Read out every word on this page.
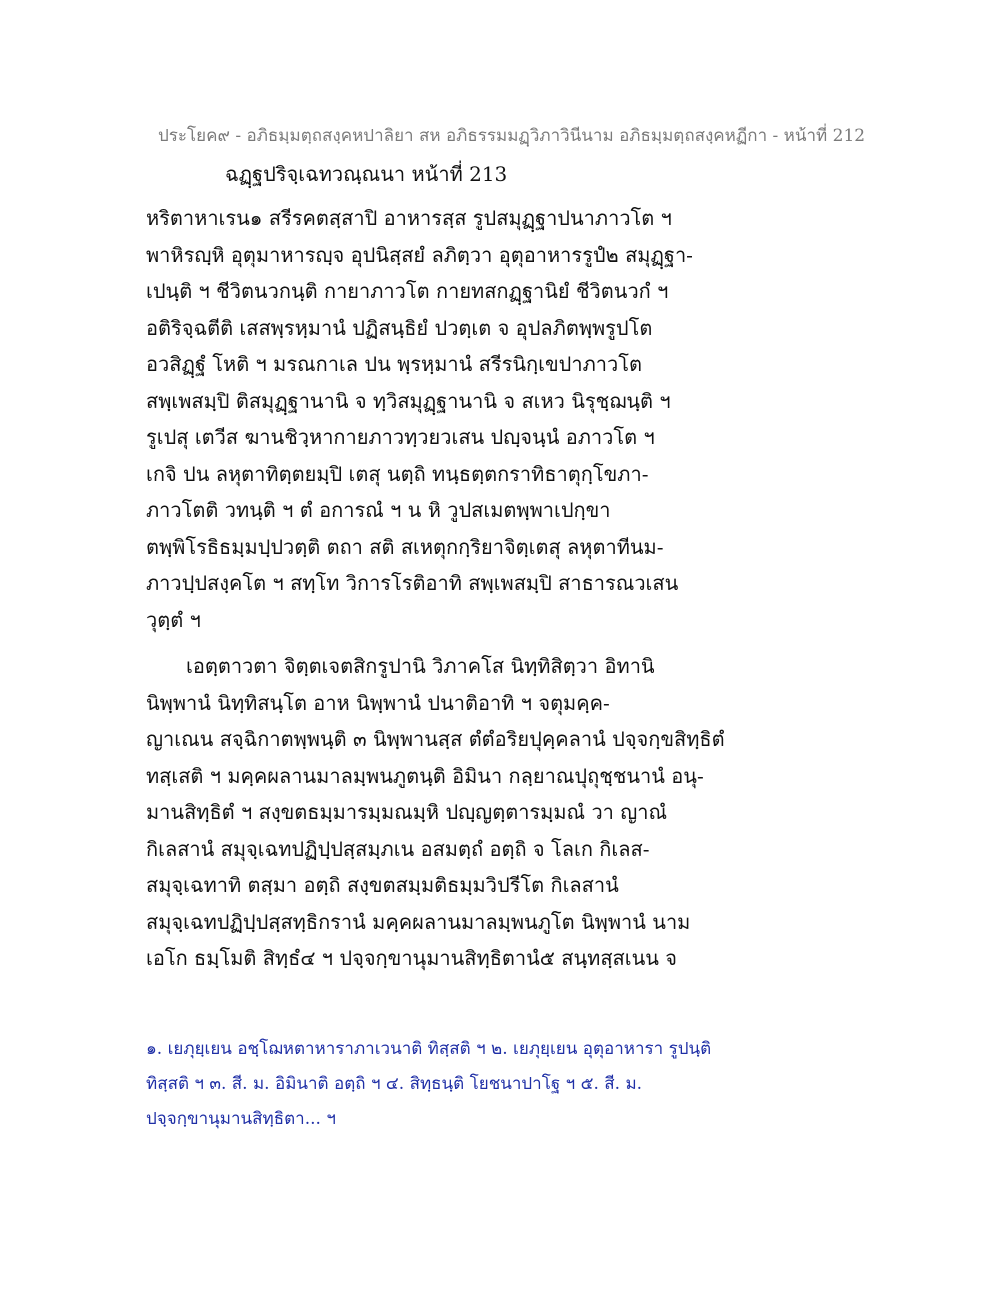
ประโยค๙ - อภิธมฺมตฺถสงฺคหปาลิยา สห อภิธรรมมฏฺวิภาวินีนาม อภิธมฺมตฺถสงฺคหฏีกา - หน้าที่ 212
ฉฏฺฐปริจฺเฉทวณฺณนา หน้าที่ 213
หริตาหาเรน๑ สรีรคตสฺสาปิ อาหารสฺส รูปสมุฏฺฐาปนาภาวโต ฯ
พาหิรญฺหิ อุตุมาหารญฺจ อุปนิสฺสยํ ลภิตฺวา อุตุอาหารรูปํ๒ สมุฏฺฐา-
เปนฺติ ฯ ชีวิตนวกนฺติ กายาภาวโต กายทสกฏฺฐานิยํ ชีวิตนวกํ ฯ
อติริจฺฉตีติ เสสพฺรหฺมานํ ปฏิสนฺธิยํ ปวตฺเต จ อุปลภิตพฺพรูปโต
อวสิฏฺฐํ โหติ ฯ มรณกาเล ปน พฺรหฺมานํ สรีรนิกฺเขปาภาวโต
สพฺเพสมฺปิ ติสมุฏฺฐานานิ จ ทฺวิสมุฏฺฐานานิ จ สเหว นิรุชฺฌนฺติ ฯ
รูเปสุ เตวีส ฆานชิวฺหากายภาวทฺวยวเสน ปญฺจนฺนํ อภาวโต ฯ
เกจิ ปน ลหุตาทิตฺตยมฺปิ เตสุ นตฺถิ ทนฺธตฺตกราทิธาตุกฺโขภา-
ภาวโตติ วทนฺติ ฯ ตํ อการณํ ฯ น หิ วูปสเมตพฺพาเปกฺขา
ตพฺพิโรธิธมฺมปฺปวตฺติ ตถา สติ สเหตุกกฺริยาจิตฺเตสุ ลหุตาทีนม-
ภาวปฺปสงฺคโต ฯ สทฺโท วิการโรติอาทิ สพฺเพสมฺปิ สาธารณวเสน
วุตฺตํ ฯ
เอตฺตาวตา จิตฺตเจตสิกรูปานิ วิภาคโส นิทฺทิสิตฺวา อิทานิ
นิพฺพานํ นิทฺทิสนฺโต อาห นิพฺพานํ ปนาติอาทิ ฯ จตุมคฺค-
ญาเณน สจฺฉิกาตพฺพนฺติ ๓ นิพฺพานสฺส ตํตํอริยปุคฺคลานํ ปจฺจกฺขสิทฺธิตํ
ทสฺเสติ ฯ มคฺคผลานมาลมฺพนภูตนฺติ อิมินา กลฺยาณปุถุชฺชนานํ อนุ-
มานสิทฺธิตํ ฯ สงฺขตธมฺมารมฺมณมฺหิ ปญฺญตฺตารมฺมณํ วา ญาณํ
กิเลสานํ สมุจฺเฉทปฏิปฺปสฺสมฺภเน อสมตฺถํ อตฺถิ จ โลเก กิเลส-
สมุจฺเฉทาทิ ตสฺมา อตฺถิ สงฺขตสมฺมติธมฺมวิปรีโต กิเลสานํ
สมุจฺเฉทปฏิปฺปสฺสทฺธิกรานํ มคฺคผลานมาลมฺพนภูโต นิพฺพานํ นาม
เอโก ธมฺโมติ สิทฺธํ๔ ฯ ปจฺจกฺขานุมานสิทฺธิตานํ๕ สนฺทสฺสเนน จ
๑. เยภุยฺเยน อชฺโฌหตาหาราภาเวนาติ ทิสฺสติ ฯ ๒. เยภุยฺเยน อุตุอาหารา รูปนฺติ
ทิสฺสติ ฯ ๓. สี. ม. อิมินาติ อตฺถิ ฯ ๔. สิทฺธนฺติ โยชนาปาโฐ ฯ ๕. สี. ม.
ปจฺจกฺขานุมานสิทฺธิตา... ฯ
